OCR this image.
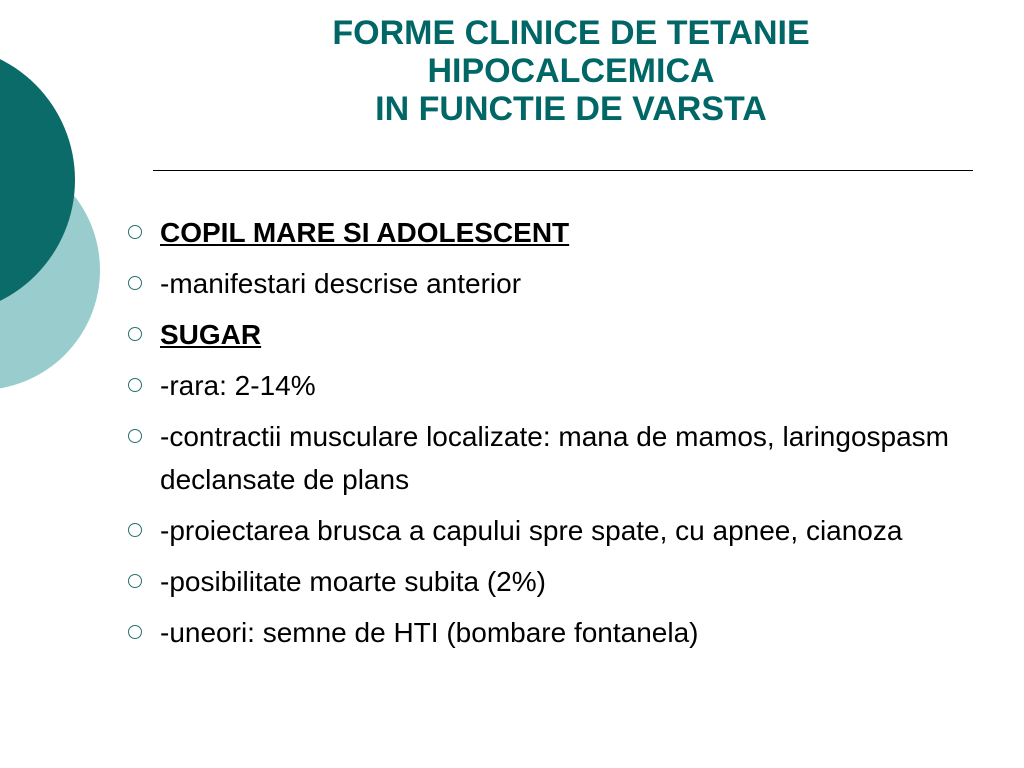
FORME CLINICE DE TETANIE
HIPOCALCEMICA
IN FUNCTIE DE VARSTA
COPIL MARE SI ADOLESCENT
-manifestari descrise anterior
SUGAR
-rara: 2-14%
-contractii musculare localizate: mana de mamos, laringospasm declansate de plans
-proiectarea brusca a capului spre spate, cu apnee, cianoza
-posibilitate moarte subita (2%)
-uneori: semne de HTI (bombare fontanela)
